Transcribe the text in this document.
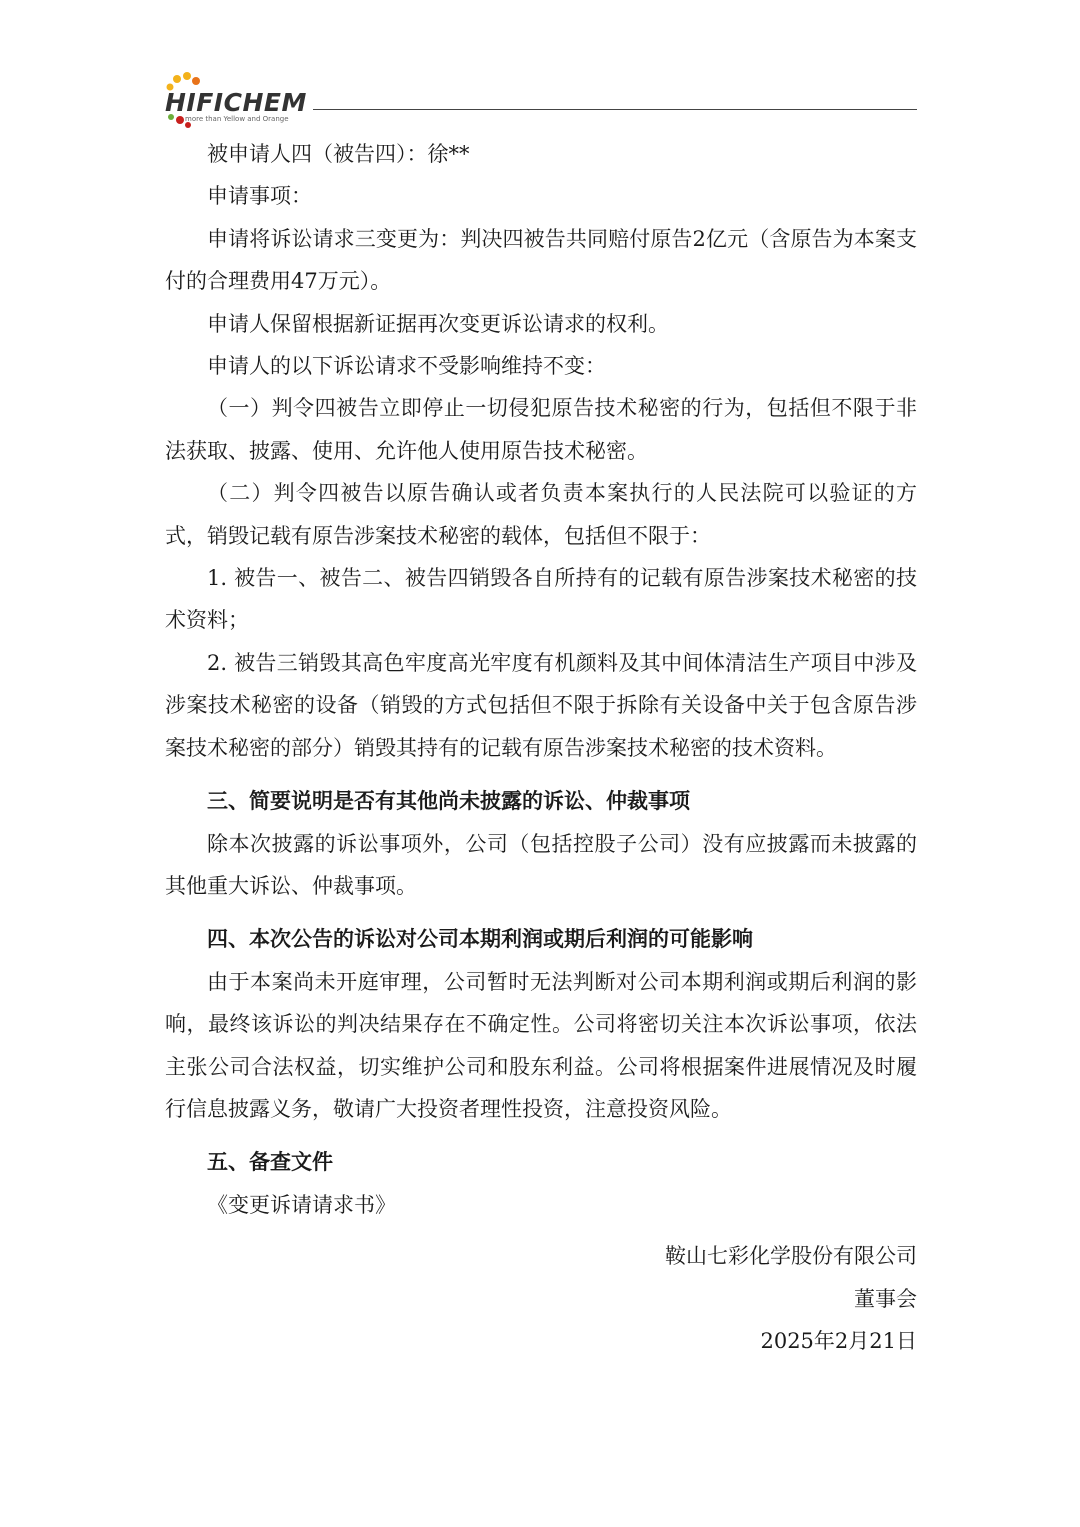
HIFICHEM
more than Yellow and Orange

被申请人四（被告四）：徐**

申请事项：

申请将诉讼请求三变更为：判决四被告共同赔付原告2亿元（含原告为本案支付的合理费用47万元）。

申请人保留根据新证据再次变更诉讼请求的权利。

申请人的以下诉讼请求不受影响维持不变：

（一）判令四被告立即停止一切侵犯原告技术秘密的行为，包括但不限于非法获取、披露、使用、允许他人使用原告技术秘密。

（二）判令四被告以原告确认或者负责本案执行的人民法院可以验证的方式，销毁记载有原告涉案技术秘密的载体，包括但不限于：

1. 被告一、被告二、被告四销毁各自所持有的记载有原告涉案技术秘密的技术资料；

2. 被告三销毁其高色牢度高光牢度有机颜料及其中间体清洁生产项目中涉及涉案技术秘密的设备（销毁的方式包括但不限于拆除有关设备中关于包含原告涉案技术秘密的部分）销毁其持有的记载有原告涉案技术秘密的技术资料。

三、简要说明是否有其他尚未披露的诉讼、仲裁事项

除本次披露的诉讼事项外，公司（包括控股子公司）没有应披露而未披露的其他重大诉讼、仲裁事项。

四、本次公告的诉讼对公司本期利润或期后利润的可能影响

由于本案尚未开庭审理，公司暂时无法判断对公司本期利润或期后利润的影响，最终该诉讼的判决结果存在不确定性。公司将密切关注本次诉讼事项，依法主张公司合法权益，切实维护公司和股东利益。公司将根据案件进展情况及时履行信息披露义务，敬请广大投资者理性投资，注意投资风险。

五、备查文件

《变更诉请请求书》

鞍山七彩化学股份有限公司
董事会
2025年2月21日
